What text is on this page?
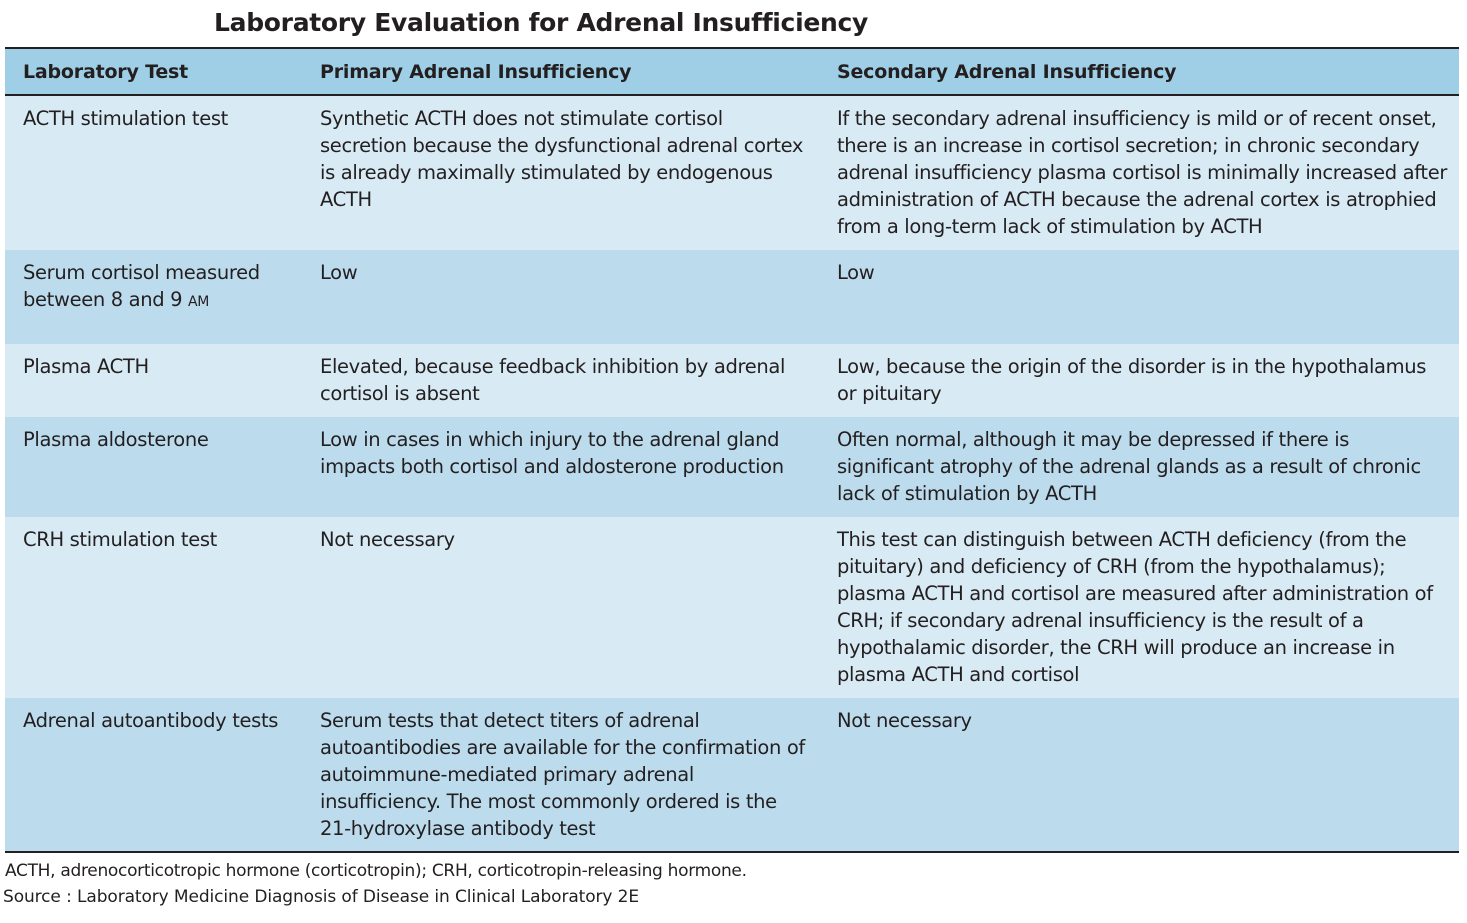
Laboratory Evaluation for Adrenal Insufficiency
Laboratory Test	Primary Adrenal Insufficiency	Secondary Adrenal Insufficiency
ACTH stimulation test	Synthetic ACTH does not stimulate cortisol secretion because the dysfunctional adrenal cortex is already maximally stimulated by endogenous ACTH	If the secondary adrenal insufficiency is mild or of recent onset, there is an increase in cortisol secretion; in chronic secondary adrenal insufficiency plasma cortisol is minimally increased after administration of ACTH because the adrenal cortex is atrophied from a long-term lack of stimulation by ACTH
Serum cortisol measured between 8 and 9 AM	Low	Low
Plasma ACTH	Elevated, because feedback inhibition by adrenal cortisol is absent	Low, because the origin of the disorder is in the hypothalamus or pituitary
Plasma aldosterone	Low in cases in which injury to the adrenal gland impacts both cortisol and aldosterone production	Often normal, although it may be depressed if there is significant atrophy of the adrenal glands as a result of chronic lack of stimulation by ACTH
CRH stimulation test	Not necessary	This test can distinguish between ACTH deficiency (from the pituitary) and deficiency of CRH (from the hypothalamus); plasma ACTH and cortisol are measured after administration of CRH; if secondary adrenal insufficiency is the result of a hypothalamic disorder, the CRH will produce an increase in plasma ACTH and cortisol
Adrenal autoantibody tests	Serum tests that detect titers of adrenal autoantibodies are available for the confirmation of autoimmune-mediated primary adrenal insufficiency. The most commonly ordered is the 21-hydroxylase antibody test	Not necessary

ACTH, adrenocorticotropic hormone (corticotropin); CRH, corticotropin-releasing hormone.

Source : Laboratory Medicine Diagnosis of Disease in Clinical Laboratory 2E
